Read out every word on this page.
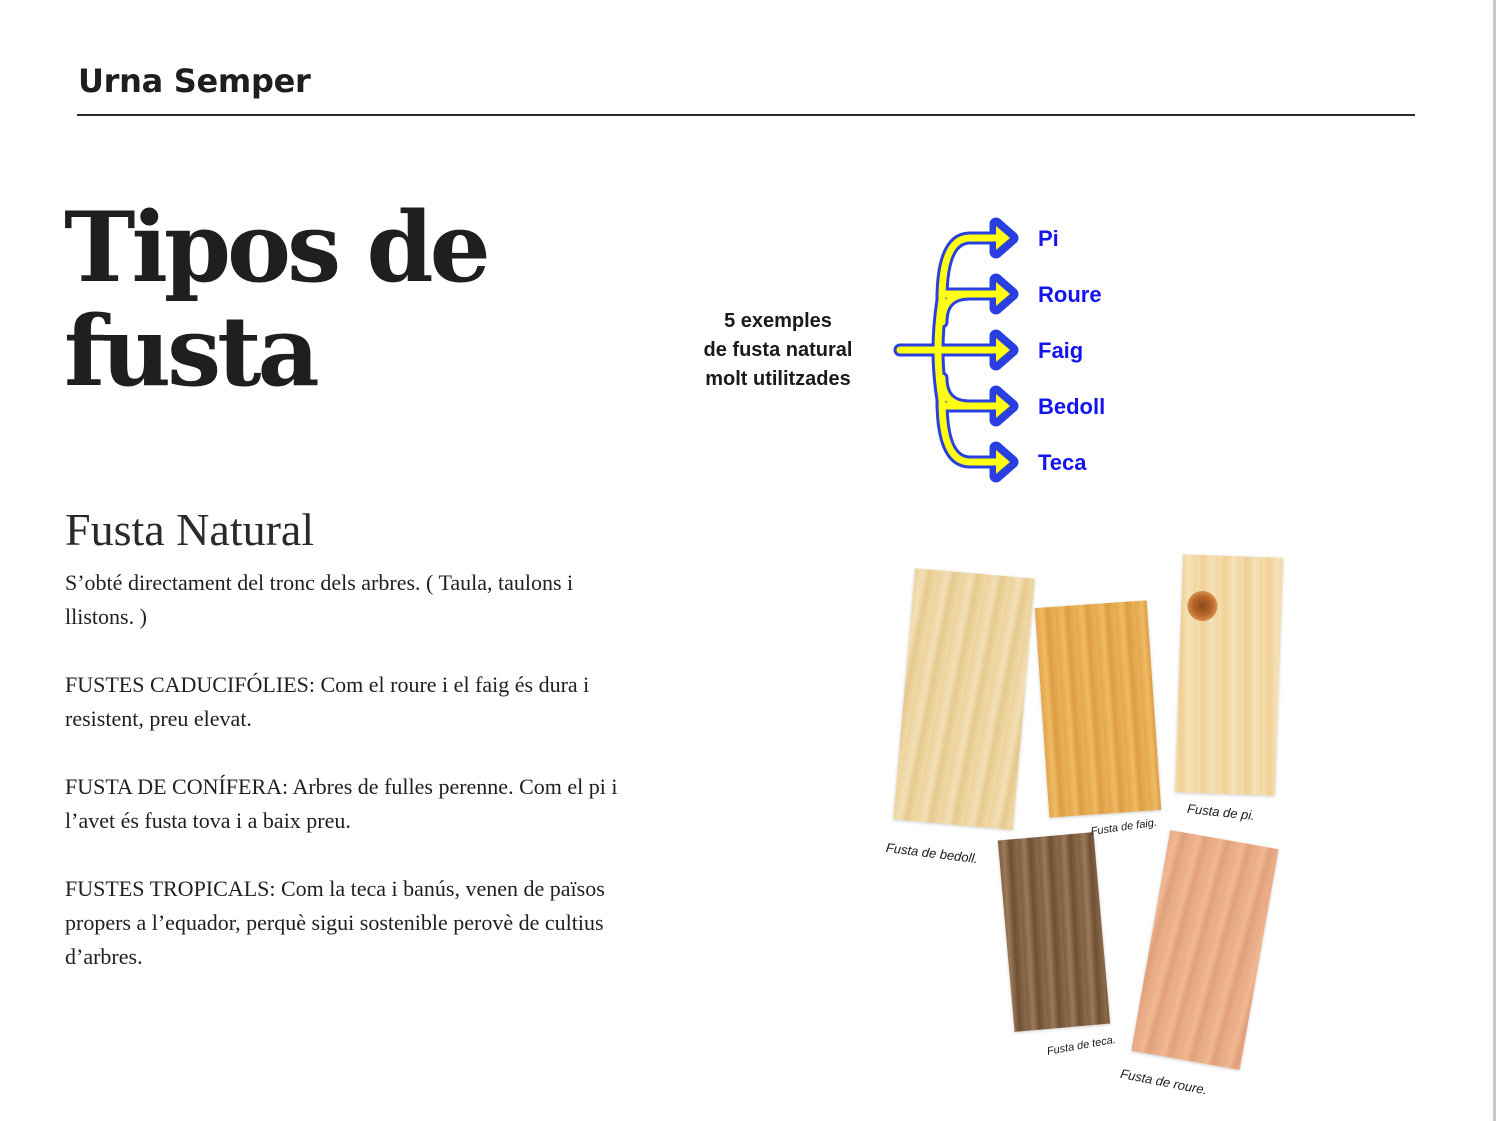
Urna Semper
Tipos de fusta
Fusta Natural

S’obté directament del tronc dels arbres. ( Taula, taulons i llistons. )

FUSTES CADUCIFÓLIES: Com el roure i el faig és dura i resistent, preu elevat.

FUSTA DE CONÍFERA: Arbres de fulles perenne. Com el pi i l’avet és fusta tova i a baix preu.

FUSTES TROPICALS: Com la teca i banús, venen de països propers a l’equador, perquè sigui sostenible perovè de cultius d’arbres.

5 exemples
de fusta natural
molt utilitzades
Pi
Roure
Faig
Bedoll
Teca
Fusta de bedoll.
Fusta de faig.
Fusta de pi.
Fusta de teca.
Fusta de roure.
